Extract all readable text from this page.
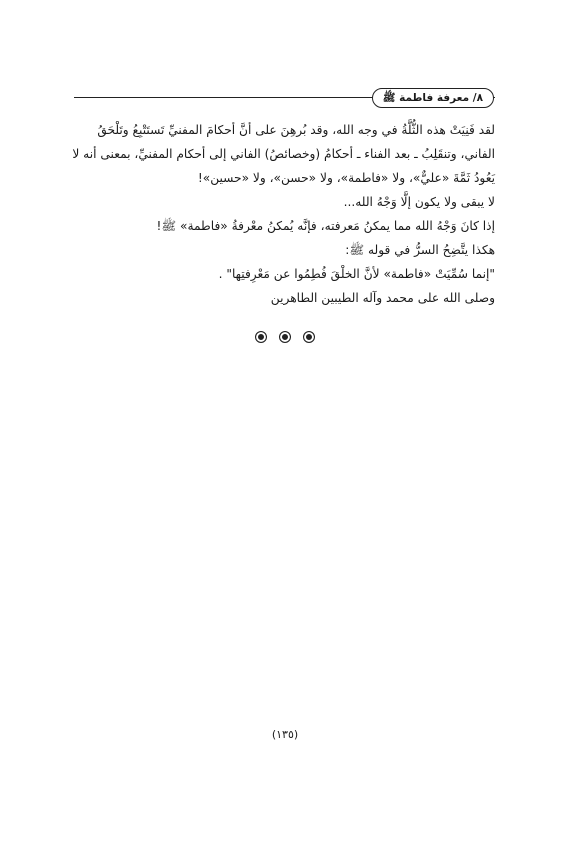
٨/ معرفة فاطمة ﷺ

لقد فَنِيَتْ هذه الثُّلَّةُ في وجه الله، وقد بُرهِنَ على أنَّ أحكامَ المفنيِّ تَستَتْبِعُ وتَلْحَقُ
الفاني، وتنقَلِبُ ـ بعد الفناء ـ أحكامُ (وخصائصُ) الفاني إلى أحكام المفنيِّ، بمعنى أنه لا
يَعُودُ ثَمَّةَ «عليٌّ»، ولا «فاطمة»، ولا «حسن»، ولا «حسين»!

لا يبقى ولا يكون إلَّا وَجْهُ الله...

إذا كانَ وَجْهُ الله مما يمكنُ مَعرفته، فإنَّه يُمكنُ معْرفةُ «فاطمة» ﷺ!

هكذا يتَّضِحُ السرُّ في قوله ﷺ:

"إنما سُمِّيَتْ «فاطمة» لأنَّ الخلْقَ فُطِمُوا عن مَعْرِفتِها" .

وصلى الله على محمد وآله الطيبين الطاهرين

(١٣٥)
